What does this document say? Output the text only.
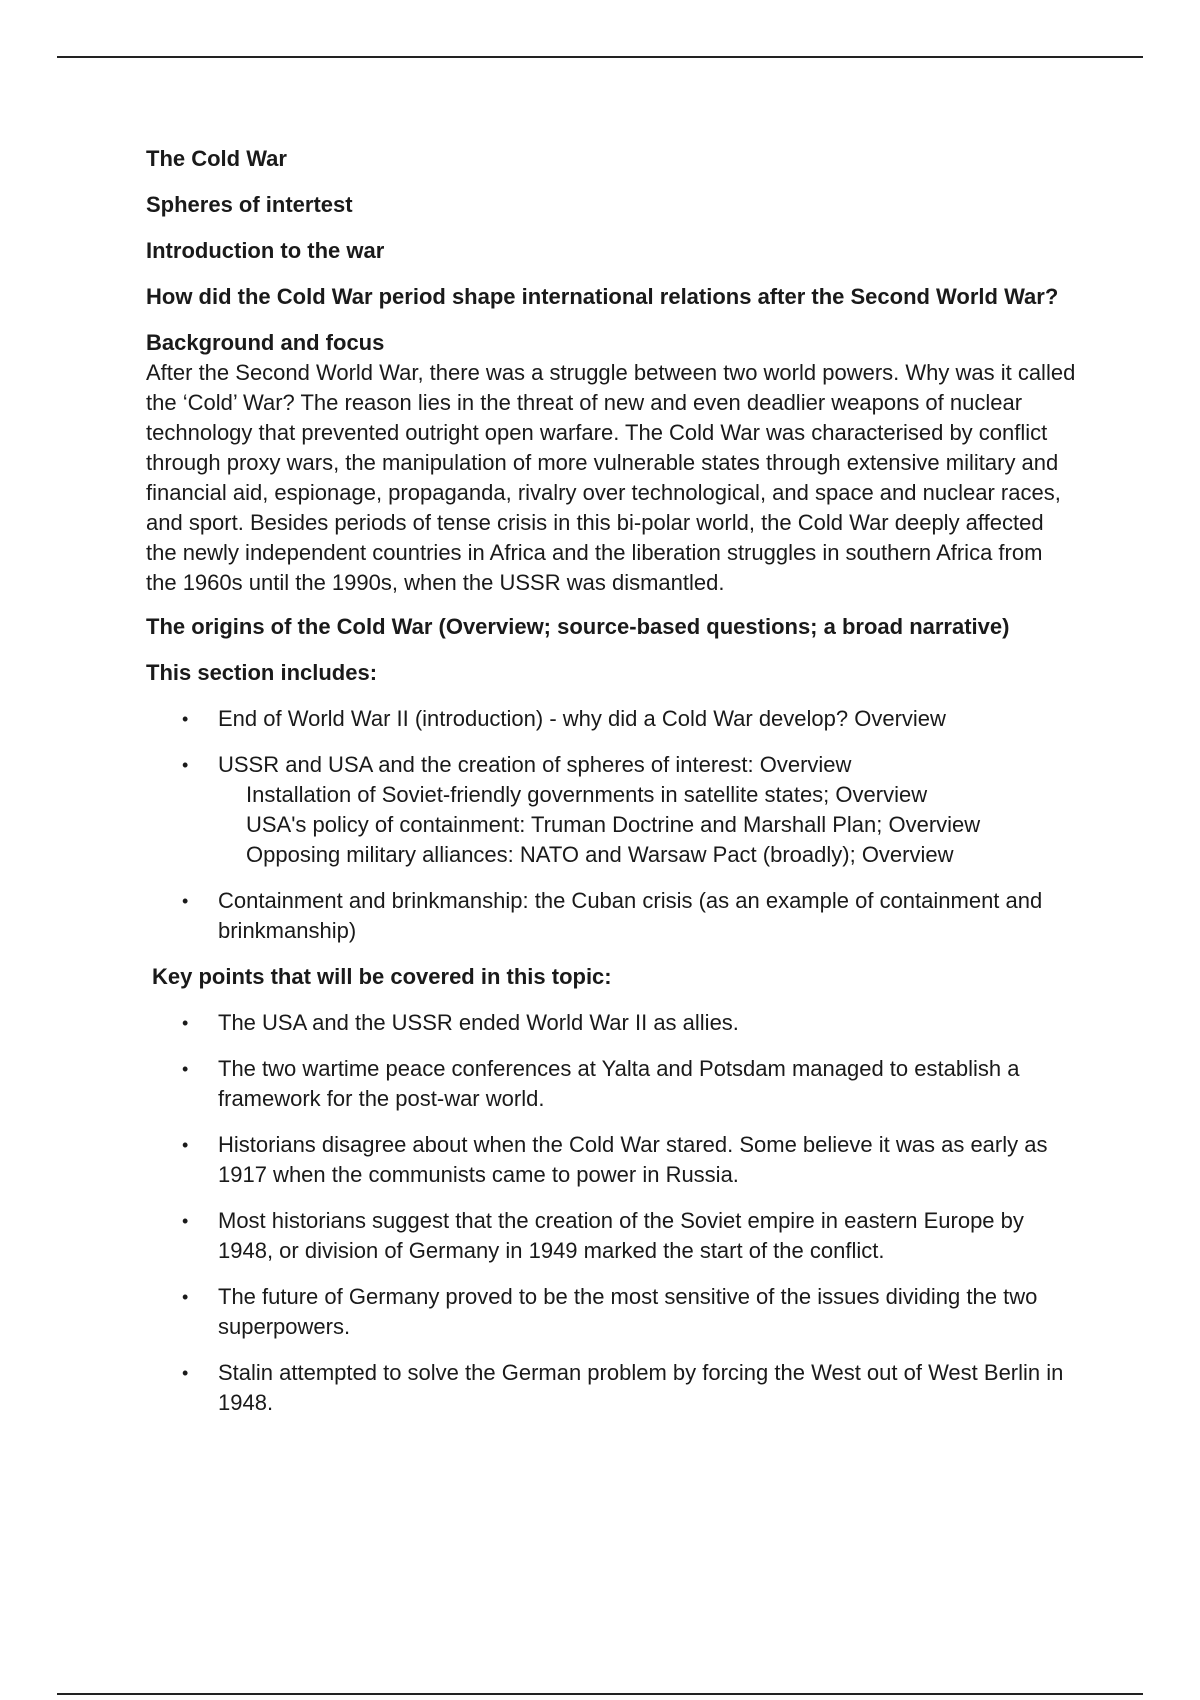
The Cold War
Spheres of intertest
Introduction to the war
How did the Cold War period shape international relations after the Second World War?
Background and focus

After the Second World War, there was a struggle between two world powers. Why was it called the ‘Cold’ War? The reason lies in the threat of new and even deadlier weapons of nuclear technology that prevented outright open warfare. The Cold War was characterised by conflict through proxy wars, the manipulation of more vulnerable states through extensive military and financial aid, espionage, propaganda, rivalry over technological, and space and nuclear races, and sport. Besides periods of tense crisis in this bi-polar world, the Cold War deeply affected the newly independent countries in Africa and the liberation struggles in southern Africa from the 1960s until the 1990s, when the USSR was dismantled.

The origins of the Cold War (Overview; source-based questions; a broad narrative)
This section includes:
• End of World War II (introduction) - why did a Cold War develop? Overview
• USSR and USA and the creation of spheres of interest: Overview
Installation of Soviet-friendly governments in satellite states; Overview
USA's policy of containment: Truman Doctrine and Marshall Plan; Overview
Opposing military alliances: NATO and Warsaw Pact (broadly); Overview
• Containment and brinkmanship: the Cuban crisis (as an example of containment and brinkmanship)
Key points that will be covered in this topic:
• The USA and the USSR ended World War II as allies.
• The two wartime peace conferences at Yalta and Potsdam managed to establish a framework for the post-war world.
• Historians disagree about when the Cold War stared. Some believe it was as early as 1917 when the communists came to power in Russia.
• Most historians suggest that the creation of the Soviet empire in eastern Europe by 1948, or division of Germany in 1949 marked the start of the conflict.
• The future of Germany proved to be the most sensitive of the issues dividing the two superpowers.
• Stalin attempted to solve the German problem by forcing the West out of West Berlin in 1948.
